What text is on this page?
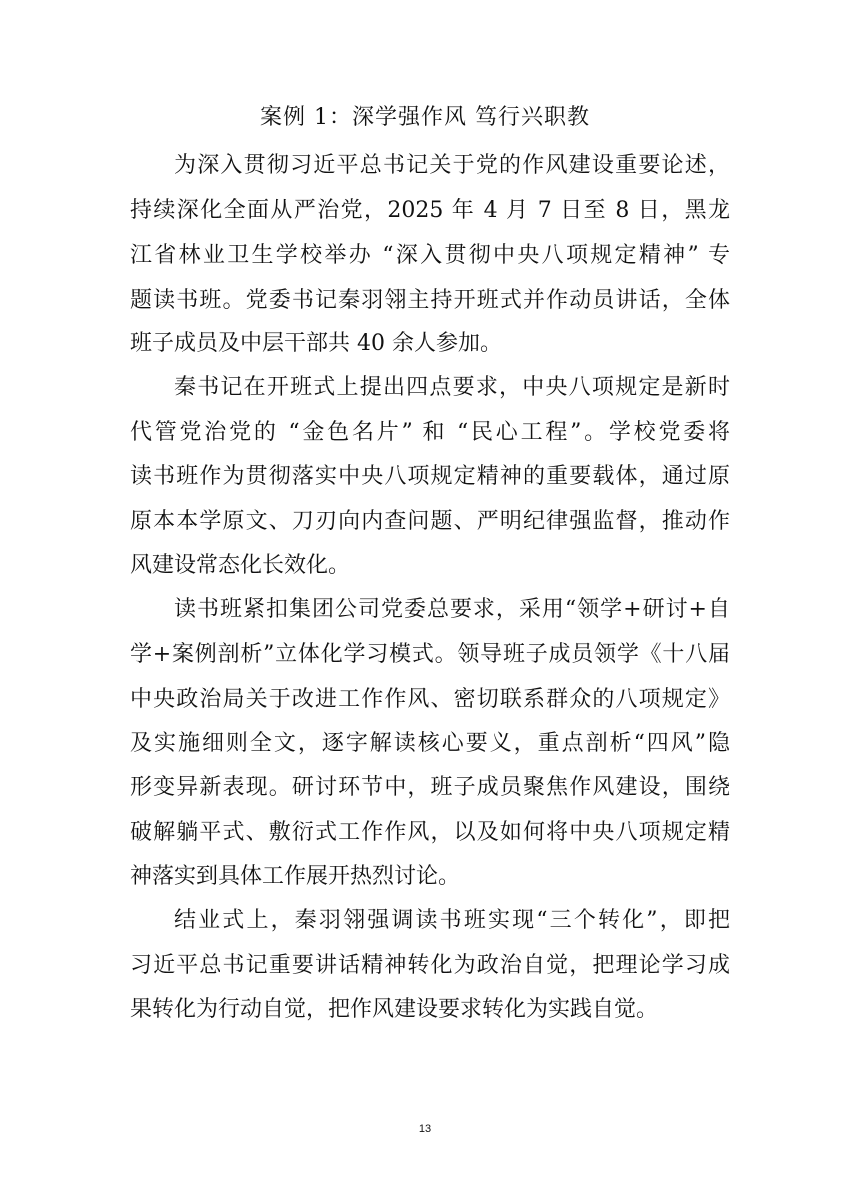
案例 1：深学强作风 笃行兴职教

为深入贯彻习近平总书记关于党的作风建设重要论述，

持续深化全面从严治党，2025 年 4 月 7 日至 8 日，黑龙

江省林业卫生学校举办 “深入贯彻中央八项规定精神” 专

题读书班。党委书记秦羽翎主持开班式并作动员讲话，全体

班子成员及中层干部共 40 余人参加。

秦书记在开班式上提出四点要求，中央八项规定是新时

代管党治党的 “金色名片” 和 “民心工程”。学校党委将

读书班作为贯彻落实中央八项规定精神的重要载体，通过原

原本本学原文、刀刃向内查问题、严明纪律强监督，推动作

风建设常态化长效化。

读书班紧扣集团公司党委总要求，采用“领学+研讨+自

学+案例剖析”立体化学习模式。领导班子成员领学《十八届

中央政治局关于改进工作作风、密切联系群众的八项规定》

及实施细则全文，逐字解读核心要义，重点剖析“四风”隐

形变异新表现。研讨环节中，班子成员聚焦作风建设，围绕

破解躺平式、敷衍式工作作风，以及如何将中央八项规定精

神落实到具体工作展开热烈讨论。

结业式上，秦羽翎强调读书班实现“三个转化”，即把

习近平总书记重要讲话精神转化为政治自觉，把理论学习成

果转化为行动自觉，把作风建设要求转化为实践自觉。

13
